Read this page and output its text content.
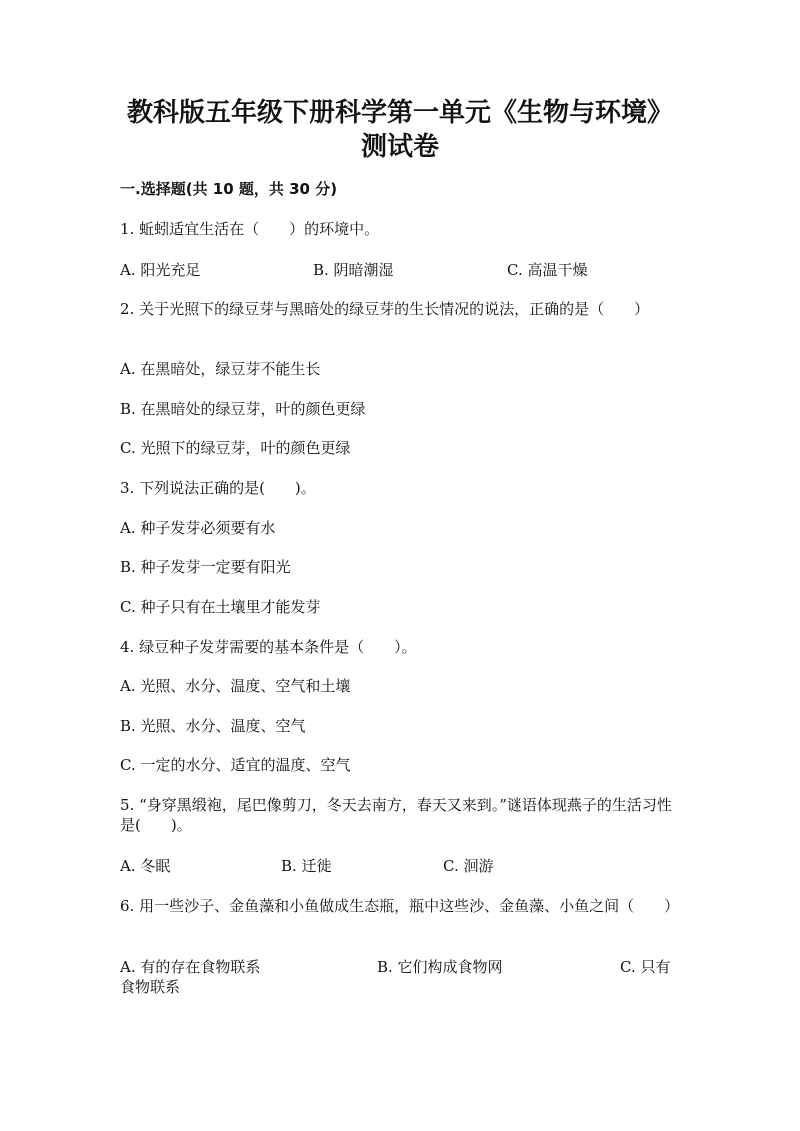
教科版五年级下册科学第一单元《生物与环境》测试卷
一.选择题(共 10 题，共 30 分)
1. 蚯蚓适宜生活在（　　）的环境中。
A. 阳光充足	B. 阴暗潮湿	C. 高温干燥
2. 关于光照下的绿豆芽与黑暗处的绿豆芽的生长情况的说法，正确的是（　　）
A. 在黑暗处，绿豆芽不能生长
B. 在黑暗处的绿豆芽，叶的颜色更绿
C. 光照下的绿豆芽，叶的颜色更绿
3. 下列说法正确的是(　　)。
A. 种子发芽必须要有水
B. 种子发芽一定要有阳光
C. 种子只有在土壤里才能发芽
4. 绿豆种子发芽需要的基本条件是（　　）。
A. 光照、水分、温度、空气和土壤
B. 光照、水分、温度、空气
C. 一定的水分、适宜的温度、空气
5. “身穿黑缎袍，尾巴像剪刀，冬天去南方，春天又来到。”谜语体现燕子的生活习性是(　　)。
A. 冬眠	B. 迁徙	C. 洄游
6. 用一些沙子、金鱼藻和小鱼做成生态瓶，瓶中这些沙、金鱼藻、小鱼之间（　　）
A. 有的存在食物联系	B. 它们构成食物网	C. 只有
食物联系
